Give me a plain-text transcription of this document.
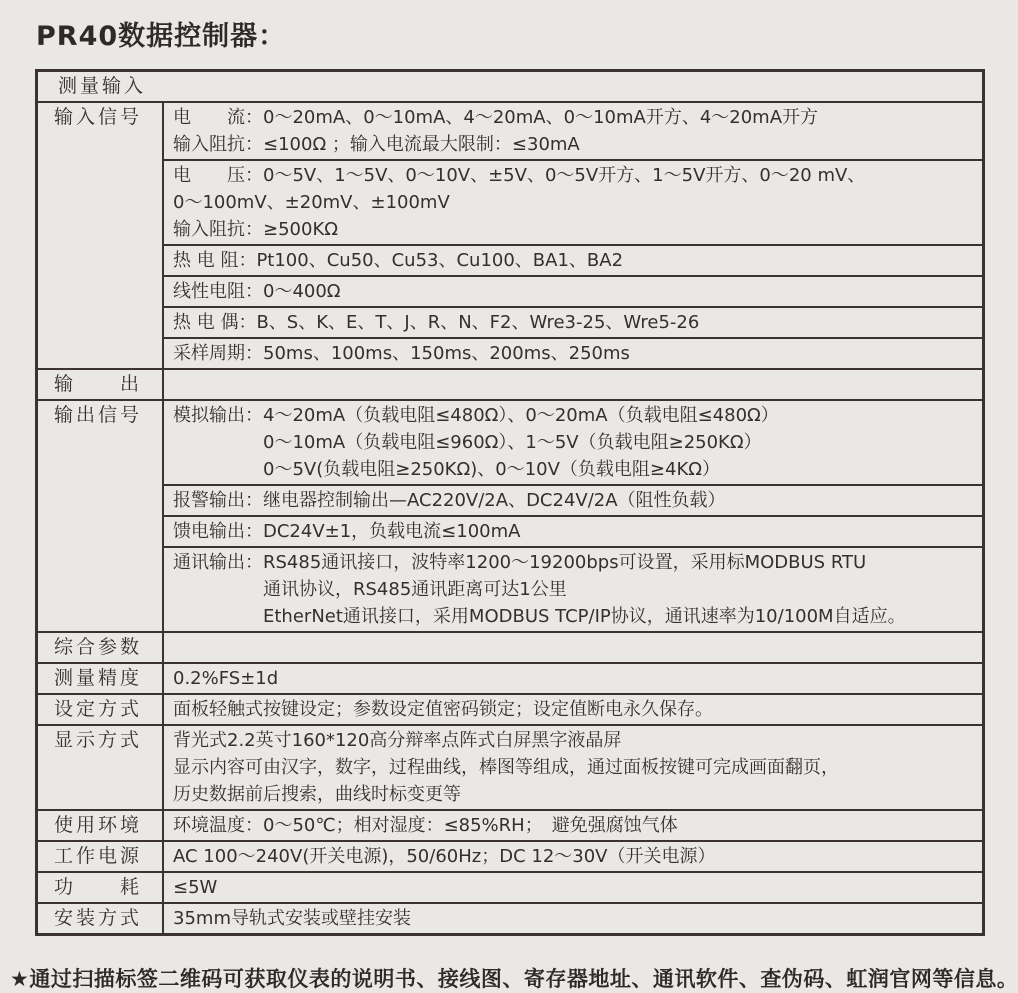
PR40数据控制器：
测量输入
输入信号	电　　流：0～20mA、0～10mA、4～20mA、0～10mA开方、4～20mA开方
输入阻抗：≤100Ω ；输入电流最大限制：≤30mA
电　　压：0～5V、1～5V、0～10V、±5V、0～5V开方、1～5V开方、0～20 mV、
0～100mV、±20mV、±100mV
输入阻抗：≥500KΩ
热 电 阻：Pt100、Cu50、Cu53、Cu100、BA1、BA2
线性电阻：0～400Ω
热 电 偶：B、S、K、E、T、J、R、N、F2、Wre3-25、Wre5-26
采样周期：50ms、100ms、150ms、200ms、250ms
输　　出
输出信号	模拟输出：4～20mA（负载电阻≤480Ω）、0～20mA（负载电阻≤480Ω）
0～10mA（负载电阻≤960Ω）、1～5V（负载电阻≥250KΩ）
0～5V(负载电阻≥250KΩ)、0～10V（负载电阻≥4KΩ）
报警输出：继电器控制输出—AC220V/2A、DC24V/2A（阻性负载）
馈电输出：DC24V±1，负载电流≤100mA
通讯输出：RS485通讯接口，波特率1200～19200bps可设置，采用标MODBUS RTU
通讯协议，RS485通讯距离可达1公里
EtherNet通讯接口，采用MODBUS TCP/IP协议，通讯速率为10/100M自适应。
综合参数
测量精度	0.2%FS±1d
设定方式	面板轻触式按键设定；参数设定值密码锁定；设定值断电永久保存。
显示方式	背光式2.2英寸160*120高分辩率点阵式白屏黑字液晶屏
显示内容可由汉字，数字，过程曲线，棒图等组成，通过面板按键可完成画面翻页，
历史数据前后搜索，曲线时标变更等
使用环境	环境温度：0～50℃；相对湿度：≤85%RH；　避免强腐蚀气体
工作电源	AC 100～240V(开关电源)，50/60Hz；DC 12～30V（开关电源）
功　　耗	≤5W
安装方式	35mm导轨式安装或壁挂安装
★通过扫描标签二维码可获取仪表的说明书、接线图、寄存器地址、通讯软件、查伪码、虹润官网等信息。
